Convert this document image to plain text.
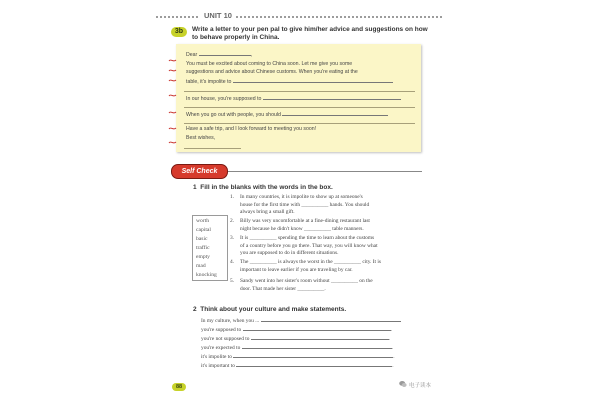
UNIT 10
3b	Write a letter to your pen pal to give him/her advice and suggestions on how to behave properly in China.
Dear	,
You must be excited about coming to China soon. Let me give you some
suggestions and advice about Chinese customs. When you're eating at the
table, it's impolite to
In our house, you're supposed to
When you go out with people, you should
Have a safe trip, and I look forward to meeting you soon!
Best wishes,
Self Check
1 Fill in the blanks with the words in the box.
worth
capital
basic
traffic
empty
mad
knocking
1. In many countries, it is impolite to show up at someone's
house for the first time with __________ hands. You should
always bring a small gift.
2. Billy was very uncomfortable at a fine-dining restaurant last
night because he didn't know __________ table manners.
3. It is __________ spending the time to learn about the customs
of a country before you go there. That way, you will know what
you are supposed to do in different situations.
4. The __________ is always the worst in the __________ city. It is
important to leave earlier if you are traveling by car.
5. Sandy went into her sister's room without __________ on the
door. That made her sister __________.
2 Think about your culture and make statements.
In my culture, when you ...
you're supposed to	.
you're not supposed to	.
you're expected to	.
it's impolite to	.
it's important to	.
88	电子读本
